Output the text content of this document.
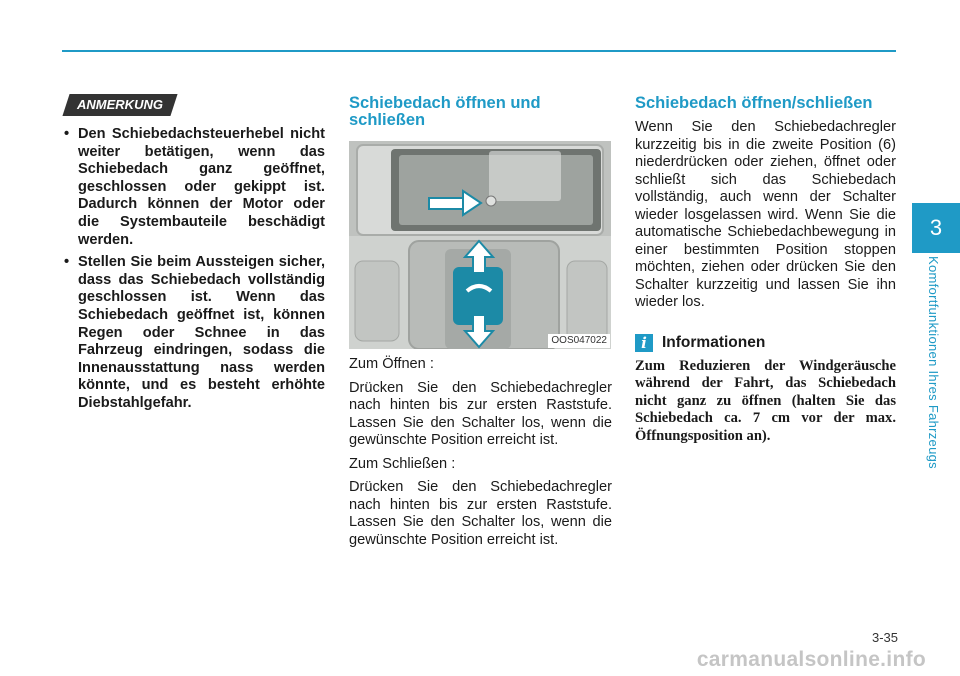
ANMERKUNG
• Den Schiebedachsteuerhebel nicht weiter betätigen, wenn das Schiebedach ganz geöffnet, geschlossen oder gekippt ist. Dadurch können der Motor oder die Systembauteile beschädigt werden.
• Stellen Sie beim Aussteigen sicher, dass das Schiebedach vollständig geschlossen ist. Wenn das Schiebedach geöffnet ist, können Regen oder Schnee in das Fahrzeug eindringen, sodass die Innenausstattung nass werden könnte, und es besteht erhöhte Diebstahlgefahr.
Schiebedach öffnen und schließen
OOS047022

Zum Öffnen :

Drücken Sie den Schiebedachregler nach hinten bis zur ersten Raststufe. Lassen Sie den Schalter los, wenn die gewünschte Position erreicht ist.

Zum Schließen :

Drücken Sie den Schiebedachregler nach hinten bis zur ersten Raststufe. Lassen Sie den Schalter los, wenn die gewünschte Position erreicht ist.

Schiebedach öffnen/schließen

Wenn Sie den Schiebedachregler kurzzeitig bis in die zweite Position (6) niederdrücken oder ziehen, öffnet oder schließt sich das Schiebedach vollständig, auch wenn der Schalter wieder losgelassen wird. Wenn Sie die automatische Schiebedachbewegung in einer bestimmten Position stoppen möchten, ziehen oder drücken Sie den Schalter kurzzeitig und lassen Sie ihn wieder los.

i Informationen

Zum Reduzieren der Windgeräusche während der Fahrt, das Schiebedach nicht ganz zu öffnen (halten Sie das Schiebedach ca. 7 cm vor der max. Öffnungsposition an).

3
Komfortfunktionen Ihres Fahrzeugs
3-35
carmanualsonline.info
